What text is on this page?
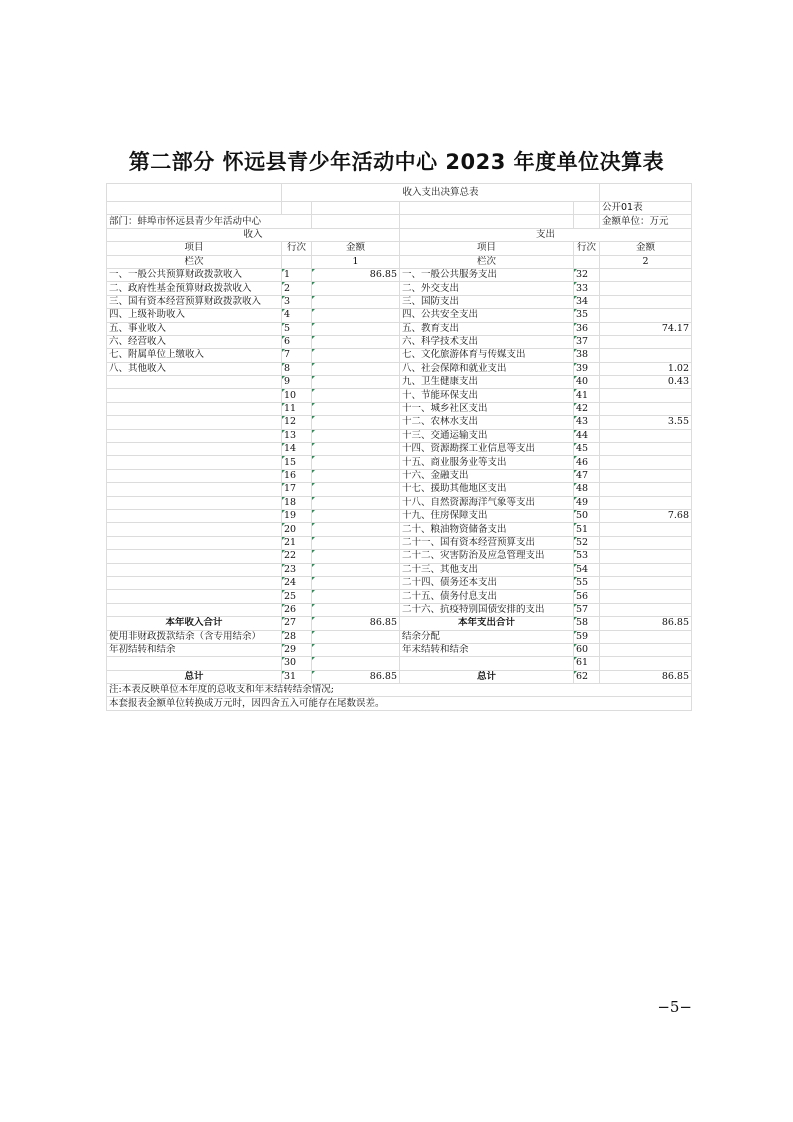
第二部分 怀远县青少年活动中心 2023 年度单位决算表
	收入支出决算总表				
					公开01表
部门：蚌埠市怀远县青少年活动中心					金额单位：万元
收入			支出		
项目	行次	金额	项目	行次	金额
栏次		1	栏次		2
一、一般公共预算财政拨款收入	1	86.85	一、一般公共服务支出	32	
二、政府性基金预算财政拨款收入	2		二、外交支出	33	
三、国有资本经营预算财政拨款收入	3		三、国防支出	34	
四、上级补助收入	4		四、公共安全支出	35	
五、事业收入	5		五、教育支出	36	74.17
六、经营收入	6		六、科学技术支出	37	
七、附属单位上缴收入	7		七、文化旅游体育与传媒支出	38	
八、其他收入	8		八、社会保障和就业支出	39	1.02
	9		九、卫生健康支出	40	0.43
	10		十、节能环保支出	41	
	11		十一、城乡社区支出	42	
	12		十二、农林水支出	43	3.55
	13		十三、交通运输支出	44	
	14		十四、资源勘探工业信息等支出	45	
	15		十五、商业服务业等支出	46	
	16		十六、金融支出	47	
	17		十七、援助其他地区支出	48	
	18		十八、自然资源海洋气象等支出	49	
	19		十九、住房保障支出	50	7.68
	20		二十、粮油物资储备支出	51	
	21		二十一、国有资本经营预算支出	52	
	22		二十二、灾害防治及应急管理支出	53	
	23		二十三、其他支出	54	
	24		二十四、债务还本支出	55	
	25		二十五、债务付息支出	56	
	26		二十六、抗疫特别国债安排的支出	57	
本年收入合计	27	86.85	本年支出合计	58	86.85
使用非财政拨款结余（含专用结余）	28		结余分配	59	
年初结转和结余	29		年末结转和结余	60	
	30			61	
总计	31	86.85	总计	62	86.85
注:本表反映单位本年度的总收支和年末结转结余情况;					
本套报表金额单位转换成万元时，因四舍五入可能存在尾数误差。					
−5−
